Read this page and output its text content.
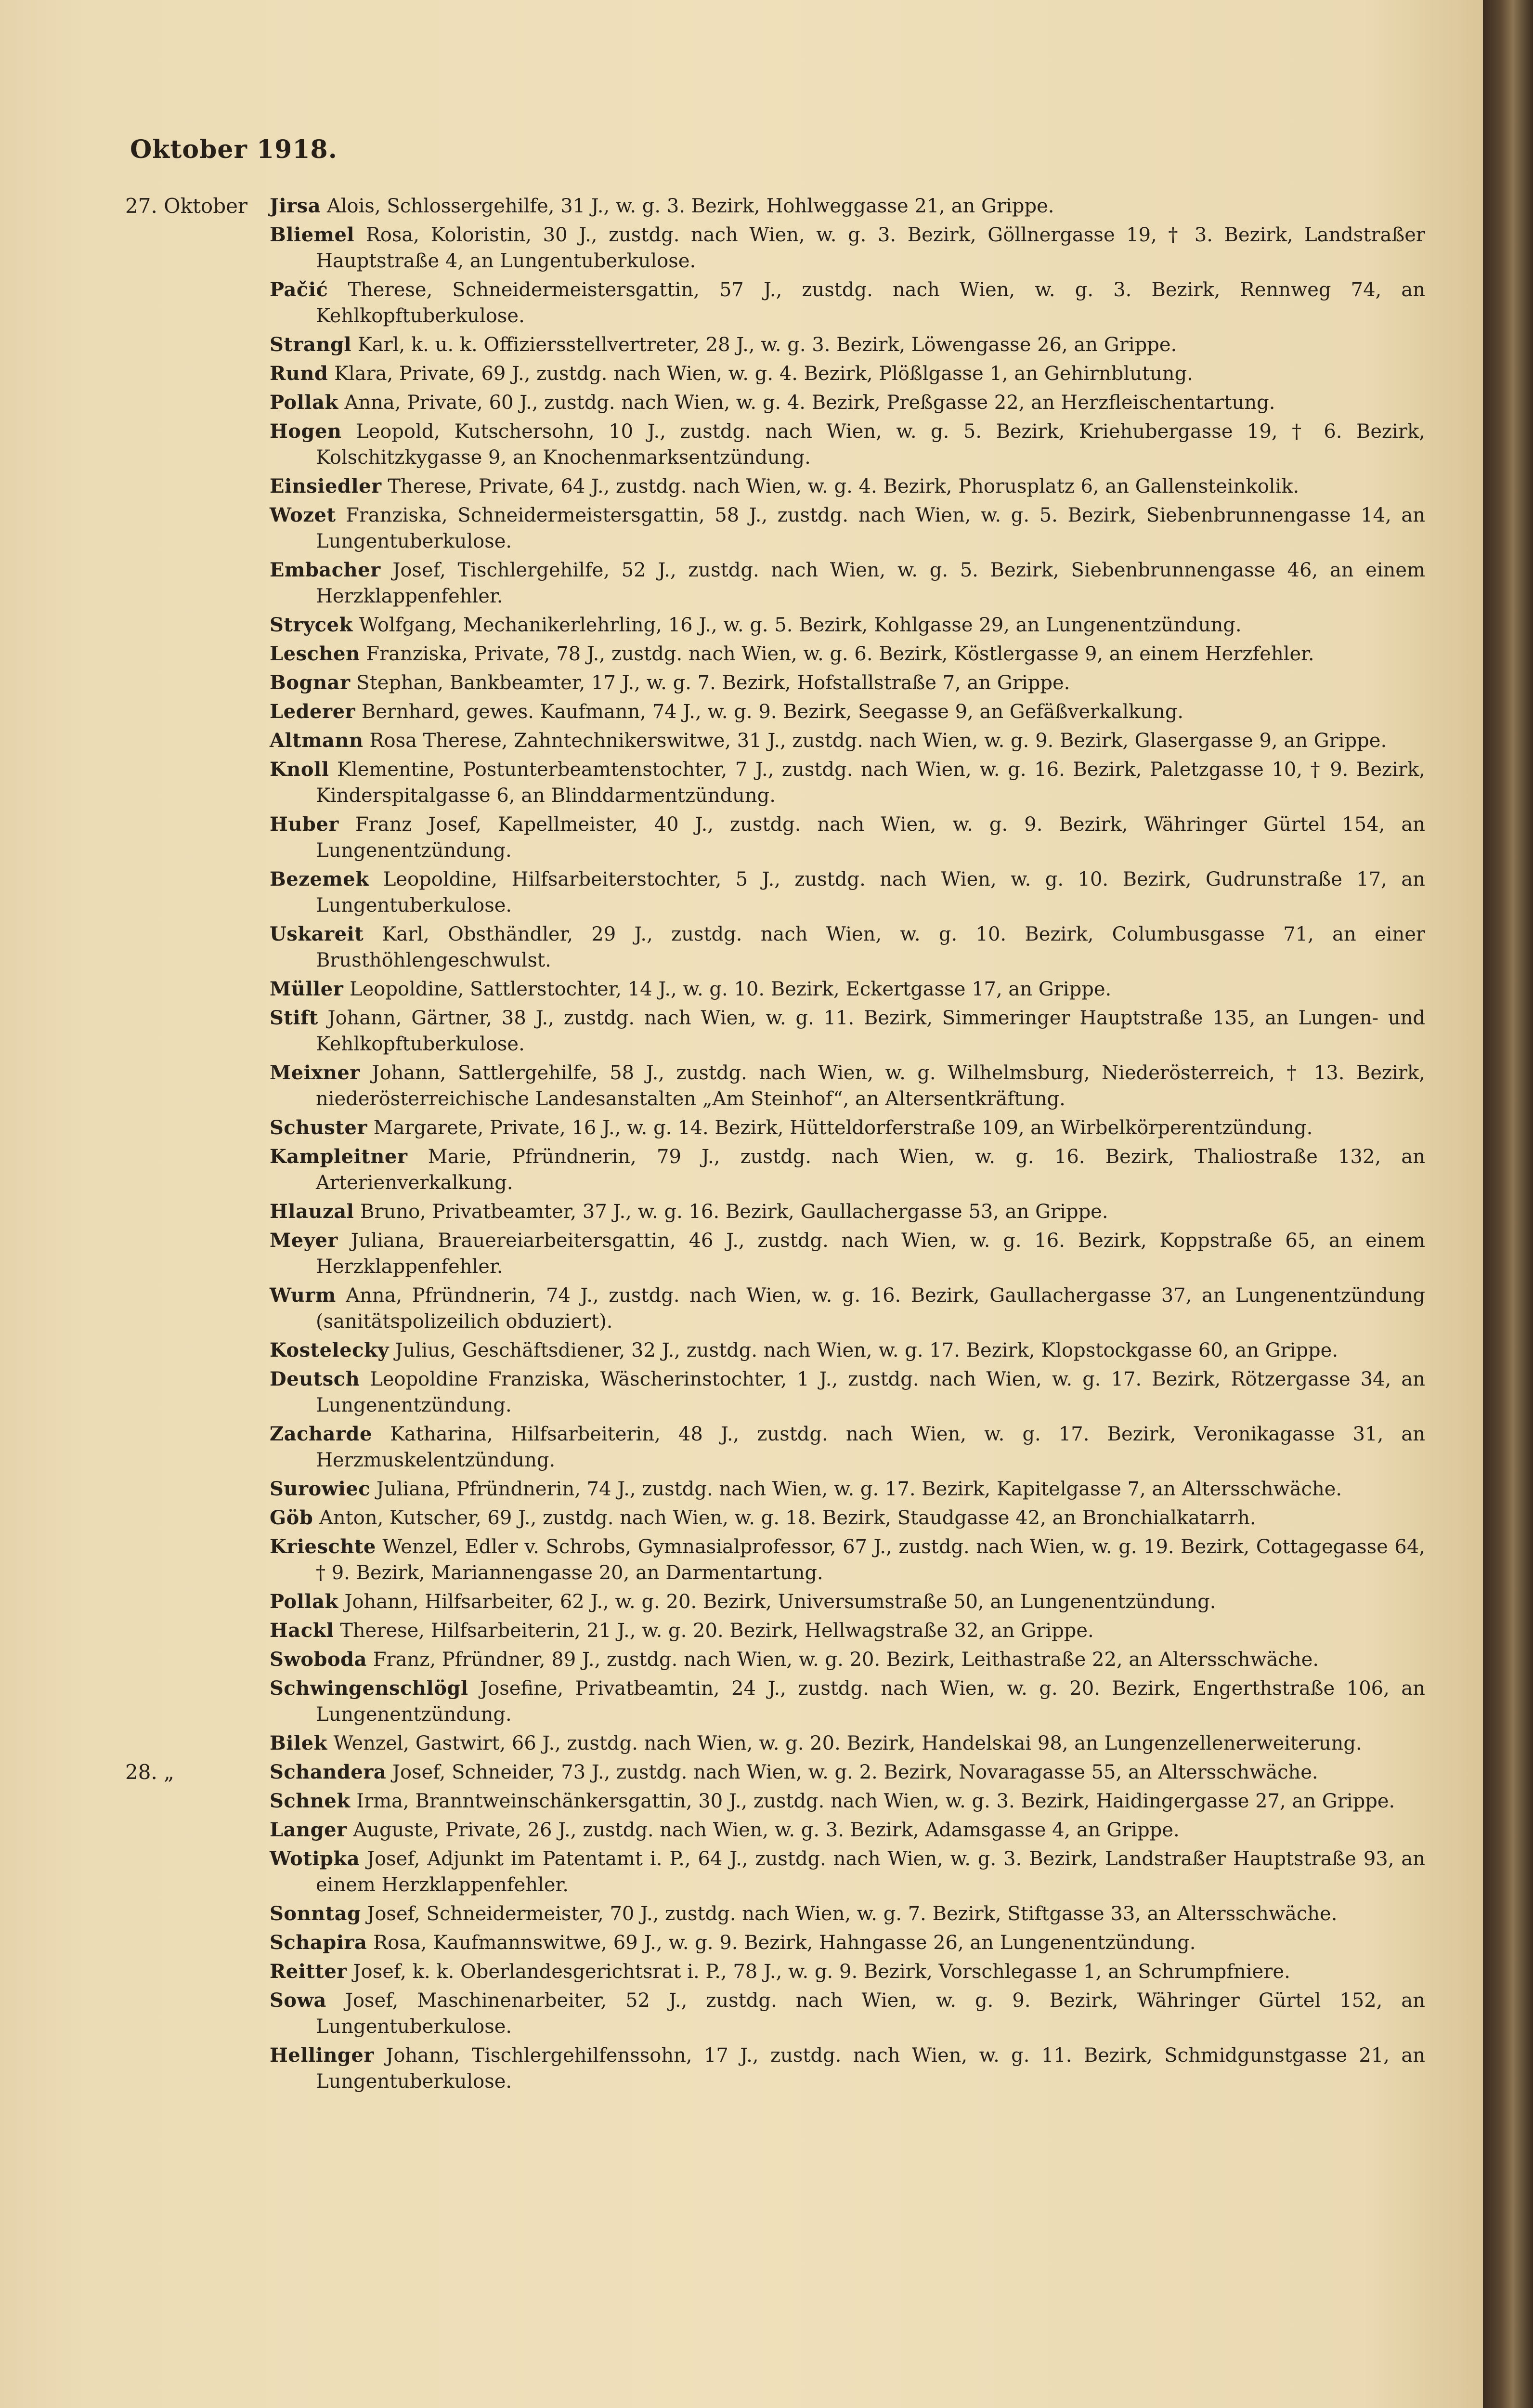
Oktober 1918.
27. Oktober	Jirsa Alois, Schlossergehilfe, 31 J., w. g. 3. Bezirk, Hohlweggasse 21, an Grippe.
Bliemel Rosa, Koloristin, 30 J., zustdg. nach Wien, w. g. 3. Bezirk, Göllnergasse 19, † 3. Bezirk, Landstraßer Hauptstraße 4, an Lungentuberkulose.
Pačić Therese, Schneidermeistersgattin, 57 J., zustdg. nach Wien, w. g. 3. Bezirk, Rennweg 74, an Kehlkopftuberkulose.
Strangl Karl, k. u. k. Offiziersstellvertreter, 28 J., w. g. 3. Bezirk, Löwengasse 26, an Grippe.
Rund Klara, Private, 69 J., zustdg. nach Wien, w. g. 4. Bezirk, Plößlgasse 1, an Gehirnblutung.
Pollak Anna, Private, 60 J., zustdg. nach Wien, w. g. 4. Bezirk, Preßgasse 22, an Herzfleischentartung.
Hogen Leopold, Kutschersohn, 10 J., zustdg. nach Wien, w. g. 5. Bezirk, Kriehubergasse 19, † 6. Bezirk, Kolschitzkygasse 9, an Knochenmarksentzündung.
Einsiedler Therese, Private, 64 J., zustdg. nach Wien, w. g. 4. Bezirk, Phorusplatz 6, an Gallensteinkolik.
Wozet Franziska, Schneidermeistersgattin, 58 J., zustdg. nach Wien, w. g. 5. Bezirk, Siebenbrunnengasse 14, an Lungentuberkulose.
Embacher Josef, Tischlergehilfe, 52 J., zustdg. nach Wien, w. g. 5. Bezirk, Siebenbrunnengasse 46, an einem Herzklappenfehler.
Strycek Wolfgang, Mechanikerlehrling, 16 J., w. g. 5. Bezirk, Kohlgasse 29, an Lungenentzündung.
Leschen Franziska, Private, 78 J., zustdg. nach Wien, w. g. 6. Bezirk, Köstlergasse 9, an einem Herzfehler.
Bognar Stephan, Bankbeamter, 17 J., w. g. 7. Bezirk, Hofstallstraße 7, an Grippe.
Lederer Bernhard, gewes. Kaufmann, 74 J., w. g. 9. Bezirk, Seegasse 9, an Gefäßverkalkung.
Altmann Rosa Therese, Zahntechnikerswitwe, 31 J., zustdg. nach Wien, w. g. 9. Bezirk, Glasergasse 9, an Grippe.
Knoll Klementine, Postunterbeamtenstochter, 7 J., zustdg. nach Wien, w. g. 16. Bezirk, Paletzgasse 10, † 9. Bezirk, Kinderspitalgasse 6, an Blinddarmentzündung.
Huber Franz Josef, Kapellmeister, 40 J., zustdg. nach Wien, w. g. 9. Bezirk, Währinger Gürtel 154, an Lungenentzündung.
Bezemek Leopoldine, Hilfsarbeiterstochter, 5 J., zustdg. nach Wien, w. g. 10. Bezirk, Gudrunstraße 17, an Lungentuberkulose.
Uskareit Karl, Obsthändler, 29 J., zustdg. nach Wien, w. g. 10. Bezirk, Columbusgasse 71, an einer Brusthöhlengeschwulst.
Müller Leopoldine, Sattlerstochter, 14 J., w. g. 10. Bezirk, Eckertgasse 17, an Grippe.
Stift Johann, Gärtner, 38 J., zustdg. nach Wien, w. g. 11. Bezirk, Simmeringer Hauptstraße 135, an Lungen- und Kehlkopftuberkulose.
Meixner Johann, Sattlergehilfe, 58 J., zustdg. nach Wien, w. g. Wilhelmsburg, Niederösterreich, † 13. Bezirk, niederösterreichische Landesanstalten „Am Steinhof“, an Altersentkräftung.
Schuster Margarete, Private, 16 J., w. g. 14. Bezirk, Hütteldorferstraße 109, an Wirbelkörperentzündung.
Kampleitner Marie, Pfründnerin, 79 J., zustdg. nach Wien, w. g. 16. Bezirk, Thaliostraße 132, an Arterienverkalkung.
Hlauzal Bruno, Privatbeamter, 37 J., w. g. 16. Bezirk, Gaullachergasse 53, an Grippe.
Meyer Juliana, Brauereiarbeitersgattin, 46 J., zustdg. nach Wien, w. g. 16. Bezirk, Koppstraße 65, an einem Herzklappenfehler.
Wurm Anna, Pfründnerin, 74 J., zustdg. nach Wien, w. g. 16. Bezirk, Gaullachergasse 37, an Lungenentzündung (sanitätspolizeilich obduziert).
Kostelecky Julius, Geschäftsdiener, 32 J., zustdg. nach Wien, w. g. 17. Bezirk, Klopstockgasse 60, an Grippe.
Deutsch Leopoldine Franziska, Wäscherinstochter, 1 J., zustdg. nach Wien, w. g. 17. Bezirk, Rötzergasse 34, an Lungenentzündung.
Zacharde Katharina, Hilfsarbeiterin, 48 J., zustdg. nach Wien, w. g. 17. Bezirk, Veronikagasse 31, an Herzmuskelentzündung.
Surowiec Juliana, Pfründnerin, 74 J., zustdg. nach Wien, w. g. 17. Bezirk, Kapitelgasse 7, an Altersschwäche.
Göb Anton, Kutscher, 69 J., zustdg. nach Wien, w. g. 18. Bezirk, Staudgasse 42, an Bronchialkatarrh.
Krieschte Wenzel, Edler v. Schrobs, Gymnasialprofessor, 67 J., zustdg. nach Wien, w. g. 19. Bezirk, Cottagegasse 64, † 9. Bezirk, Mariannengasse 20, an Darmentartung.
Pollak Johann, Hilfsarbeiter, 62 J., w. g. 20. Bezirk, Universumstraße 50, an Lungenentzündung.
Hackl Therese, Hilfsarbeiterin, 21 J., w. g. 20. Bezirk, Hellwagstraße 32, an Grippe.
Swoboda Franz, Pfründner, 89 J., zustdg. nach Wien, w. g. 20. Bezirk, Leithastraße 22, an Altersschwäche.
Schwingenschlögl Josefine, Privatbeamtin, 24 J., zustdg. nach Wien, w. g. 20. Bezirk, Engerthstraße 106, an Lungenentzündung.
Bilek Wenzel, Gastwirt, 66 J., zustdg. nach Wien, w. g. 20. Bezirk, Handelskai 98, an Lungenzellenerweiterung.
28. „	Schandera Josef, Schneider, 73 J., zustdg. nach Wien, w. g. 2. Bezirk, Novaragasse 55, an Altersschwäche.
Schnek Irma, Branntweinschänkersgattin, 30 J., zustdg. nach Wien, w. g. 3. Bezirk, Haidingergasse 27, an Grippe.
Langer Auguste, Private, 26 J., zustdg. nach Wien, w. g. 3. Bezirk, Adamsgasse 4, an Grippe.
Wotipka Josef, Adjunkt im Patentamt i. P., 64 J., zustdg. nach Wien, w. g. 3. Bezirk, Landstraßer Hauptstraße 93, an einem Herzklappenfehler.
Sonntag Josef, Schneidermeister, 70 J., zustdg. nach Wien, w. g. 7. Bezirk, Stiftgasse 33, an Altersschwäche.
Schapira Rosa, Kaufmannswitwe, 69 J., w. g. 9. Bezirk, Hahngasse 26, an Lungenentzündung.
Reitter Josef, k. k. Oberlandesgerichtsrat i. P., 78 J., w. g. 9. Bezirk, Vorschlegasse 1, an Schrumpfniere.
Sowa Josef, Maschinenarbeiter, 52 J., zustdg. nach Wien, w. g. 9. Bezirk, Währinger Gürtel 152, an Lungentuberkulose.
Hellinger Johann, Tischlergehilfenssohn, 17 J., zustdg. nach Wien, w. g. 11. Bezirk, Schmidgunstgasse 21, an Lungentuberkulose.
